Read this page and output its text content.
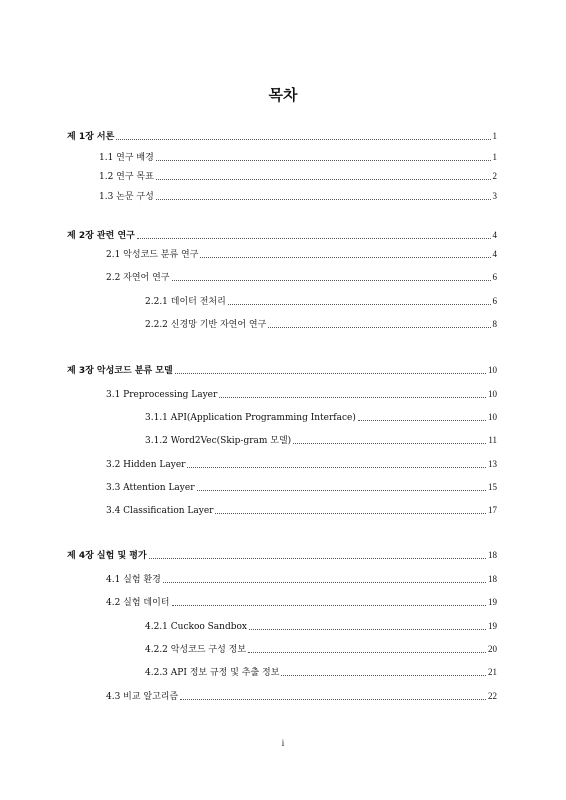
목차
제 1장 서론	1
1.1 연구 배경	1
1.2 연구 목표	2
1.3 논문 구성	3
제 2장 관련 연구	4
2.1 악성코드 분류 연구	4
2.2 자연어 연구	6
2.2.1 데이터 전처리	6
2.2.2 신경망 기반 자연어 연구	8
제 3장 악성코드 분류 모델	10
3.1 Preprocessing Layer	10
3.1.1 API(Application Programming Interface)	10
3.1.2 Word2Vec(Skip-gram 모델)	11
3.2 Hidden Layer	13
3.3 Attention Layer	15
3.4 Classification Layer	17
제 4장 실험 및 평가	18
4.1 실험 환경	18
4.2 실험 데이터	19
4.2.1 Cuckoo Sandbox	19
4.2.2 악성코드 구성 정보	20
4.2.3 API 정보 규정 및 추출 정보	21
4.3 비교 알고리즘	22
i
